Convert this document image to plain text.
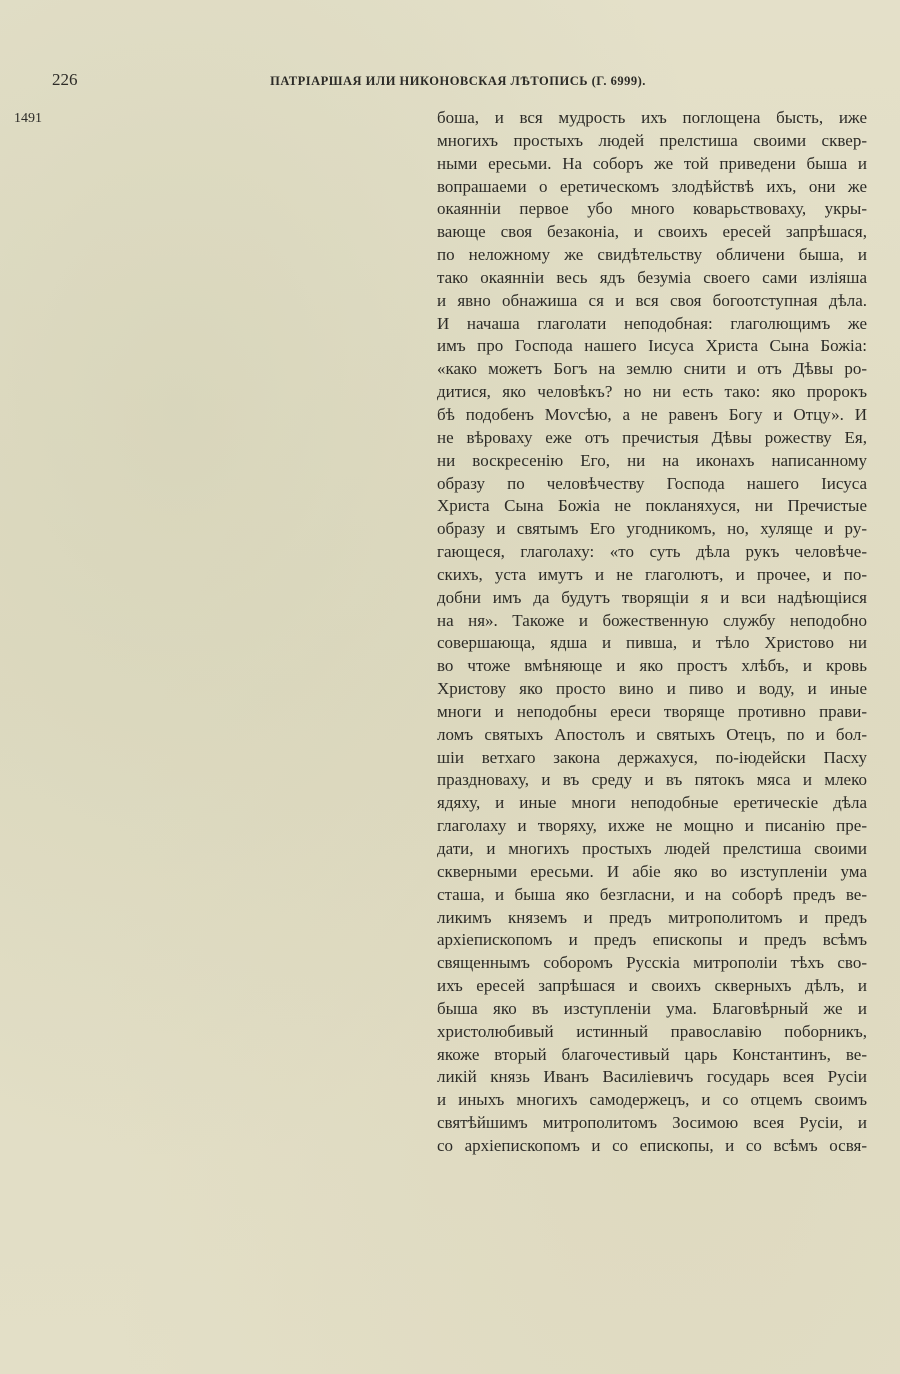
226	ПАТРІАРШАЯ ИЛИ НИКОНОВСКАЯ ЛѢТОПИСЬ (Г. 6999).
1491	боша, и вся мудрость ихъ поглощена бысть, иже
многихъ простыхъ людей прелстиша своими сквер-
ными ересьми. На соборъ же той приведени быша и
вопрашаеми о еретическомъ злодѣйствѣ ихъ, они же
окаянніи первое убо много коварьствоваху, укры-
вающе своя безаконіа, и своихъ ересей запрѣшася,
по неложному же свидѣтельству обличени быша, и
тако окаянніи весь ядъ безуміа своего сами изліяша
и явно обнажиша ся и вся своя богоотступная дѣла.
И начаша глаголати неподобная: глаголющимъ же
имъ про Господа нашего Іисуса Христа Сына Божіа:
«како можетъ Богъ на землю снити и отъ Дѣвы ро-
дитися, яко человѣкъ? но ни есть тако: яко пророкъ
бѣ подобенъ Моѵсѣю, а не равенъ Богу и Отцу». И
не вѣроваху еже отъ пречистыя Дѣвы рожеству Ея,
ни воскресенію Его, ни на иконахъ написанному
образу по человѣчеству Господа нашего Іисуса
Христа Сына Божіа не покланяхуся, ни Пречистые
образу и святымъ Его угодникомъ, но, хуляще и ру-
гающеся, глаголаху: «то суть дѣла рукъ человѣче-
скихъ, уста имутъ и не глаголютъ, и прочее, и по-
добни имъ да будутъ творящіи я и вси надѣющіися
на ня». Такоже и божественную службу неподобно
совершающа, ядша и пивша, и тѣло Христово ни
во чтоже вмѣняюще и яко простъ хлѣбъ, и кровь
Христову яко просто вино и пиво и воду, и иные
многи и неподобны ереси творяще противно прави-
ломъ святыхъ Апостолъ и святыхъ Отецъ, по и бол-
шіи ветхаго закона держахуся, по-іюдейски Пасху
праздноваху, и въ среду и въ пятокъ мяса и млеко
ядяху, и иные многи неподобные еретическіе дѣла
глаголаху и творяху, ихже не мощно и писанію пре-
дати, и многихъ простыхъ людей прелстиша своими
скверными ересьми. И абіе яко во изступленіи ума
сташа, и быша яко безгласни, и на соборѣ предъ ве-
ликимъ княземъ и предъ митрополитомъ и предъ
архіепископомъ и предъ епископы и предъ всѣмъ
священнымъ соборомъ Русскіа митрополіи тѣхъ сво-
ихъ ересей запрѣшася и своихъ скверныхъ дѣлъ, и
быша яко въ изступленіи ума. Благовѣрный же и
христолюбивый истинный православію поборникъ,
якоже вторый благочестивый царь Константинъ, ве-
ликій князь Иванъ Василіевичъ государь всея Русіи
и иныхъ многихъ самодержецъ, и со отцемъ своимъ
святѣйшимъ митрополитомъ Зосимою всея Русіи, и
со архіепископомъ и со епископы, и со всѣмъ освя-
